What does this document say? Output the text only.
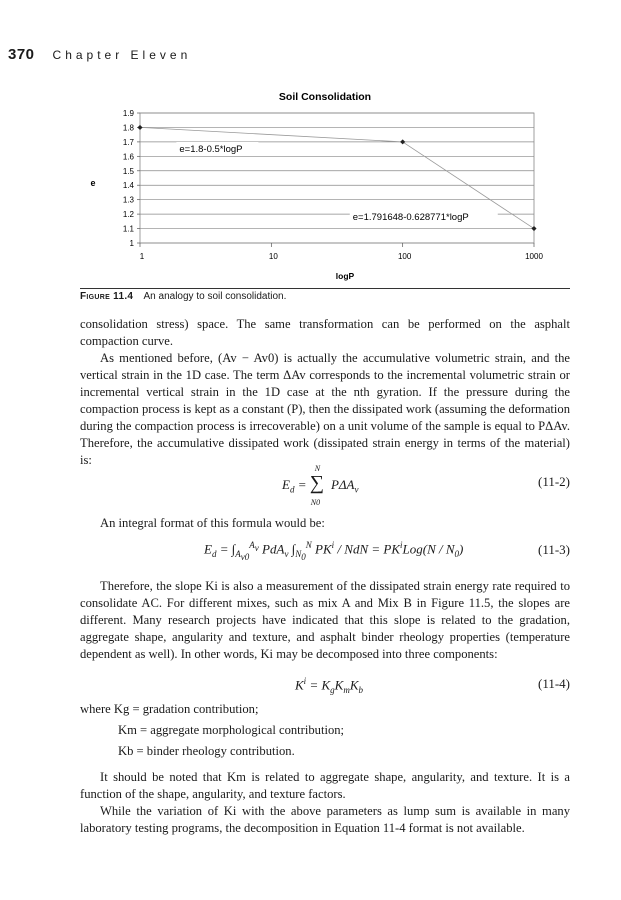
370 Chapter Eleven
Soil Consolidation
logP
e
1
1.1
1.2
1.3
1.4
1.5
1.6
1.7
1.8
1.9
1	10	100	1000
e=1.8-0.5*logP
e=1.791648-0.628771*logP
Figure 11.4 An analogy to soil consolidation.

consolidation stress) space. The same transformation can be performed on the asphalt compaction curve.

As mentioned before, (Av − Av0) is actually the accumulative volumetric strain, and the vertical strain in the 1D case. The term ΔAv corresponds to the incremental volumetric strain or incremental vertical strain in the 1D case at the nth gyration. If the pressure during the compaction process is kept as a constant (P), then the dissipated work (assuming the deformation during the compaction process is irrecoverable) on a unit volume of the sample is equal to PΔAv. Therefore, the accumulative dissipated work (dissipated strain energy in terms of the material) is:

$E_d$ = ∑
N
N0
$P\Delta A_v$
(11-2)

An integral format of this formula would be:

$E_d = \int_{A_{v0}}^{A_v}$ PdA$_v$ $\int_{N_0}^N$ $PK^i$ / NdN = $PK^iLog(N / N_0)$	(11-3)

Therefore, the slope Ki is also a measurement of the dissipated strain energy rate required to consolidate AC. For different mixes, such as mix A and Mix B in Figure 11.5, the slopes are different. Many research projects have indicated that this slope is related to the gradation, aggregate shape, angularity and texture, and asphalt binder rheology properties (temperature dependent as well). In other words, Ki may be decomposed into three components:

$K^i = K_gK_mK_b$	(11-4)
where Kg = gradation contribution;
Km = aggregate morphological contribution;
Kb = binder rheology contribution.

It should be noted that Km is related to aggregate shape, angularity, and texture. It is a function of the shape, angularity, and texture factors.

While the variation of Ki with the above parameters as lump sum is available in many laboratory testing programs, the decomposition in Equation 11-4 format is not available.
